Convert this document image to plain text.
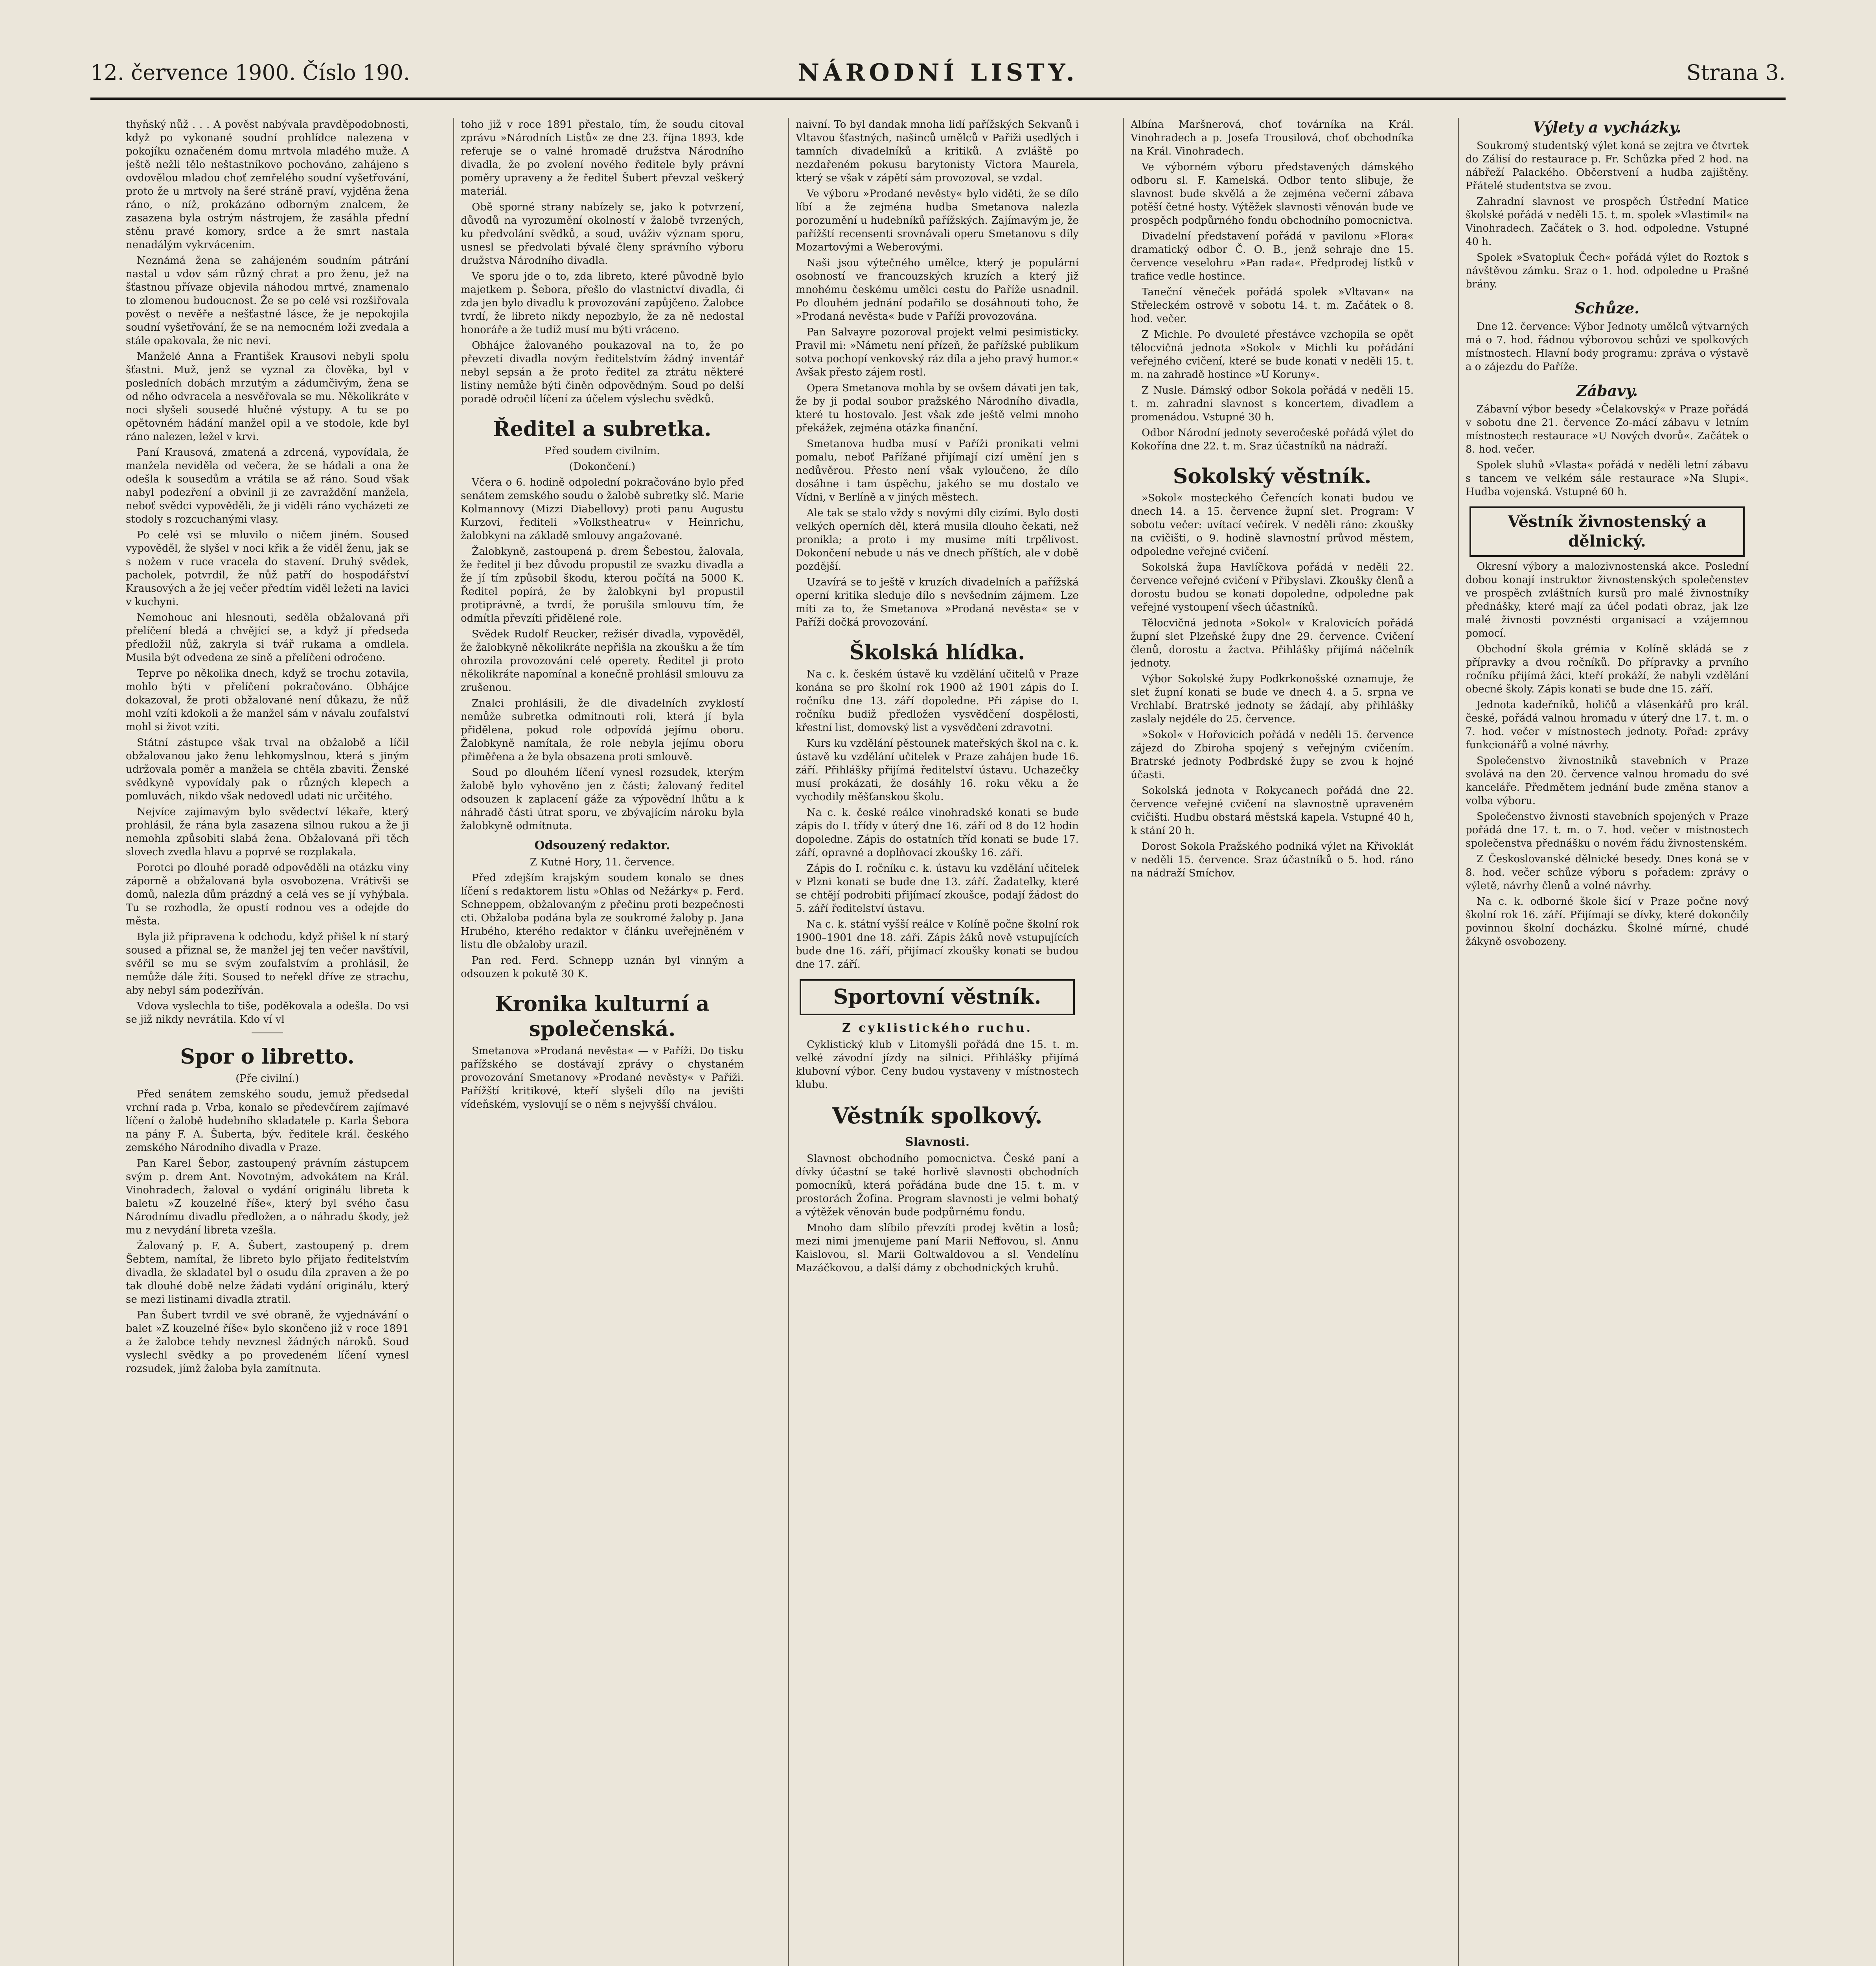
12. července 1900. Číslo 190.	NÁRODNÍ LISTY.	Strana 3.

thyňský nůž . . . A pověst nabývala pravděpodobnosti, když po vykonané soudní prohlídce nalezena v pokojíku označeném domu mrtvola mladého muže. A ještě nežli tělo neštastníkovo pochováno, zahájeno s ovdovělou mladou choť zemřelého soudní vyšetřování, proto že u mrtvoly na šeré stráně praví, vyjděna žena ráno, o níž, prokázáno odborným znalcem, že zasazena byla ostrým nástrojem, že zasáhla přední stěnu pravé komory, srdce a že smrt nastala nenadálým vykrvácením.

Neznámá žena se zahájeném soudním pátrání nastal u vdov sám různý chrat a pro ženu, jež na šťastnou přívaze objevila náhodou mrtvé, znamenalo to zlomenou budoucnost. Že se po celé vsi rozšiřovala pověst o nevěře a nešťastné lásce, že je nepokojila soudní vyšetřování, že se na nemocném loži zvedala a stále opakovala, že nic neví.

Manželé Anna a František Krausovi nebyli spolu šťastni. Muž, jenž se vyznal za člověka, byl v posledních dobách mrzutým a zádumčivým, žena se od něho odvracela a nesvěřovala se mu. Několikráte v noci slyšeli sousedé hlučné výstupy. A tu se po opětovném hádání manžel opil a ve stodole, kde byl ráno nalezen, ležel v krvi.

Paní Krausová, zmatená a zdrcená, vypovídala, že manžela neviděla od večera, že se hádali a ona že odešla k sousedům a vrátila se až ráno. Soud však nabyl podezření a obvinil ji ze zavraždění manžela, neboť svědci vypověděli, že ji viděli ráno vycházeti ze stodoly s rozcuchanými vlasy.

Po celé vsi se mluvilo o ničem jiném. Soused vypověděl, že slyšel v noci křik a že viděl ženu, jak se s nožem v ruce vracela do stavení. Druhý svědek, pacholek, potvrdil, že nůž patří do hospodářství Krausových a že jej večer předtím viděl ležeti na lavici v kuchyni.

Nemohouc ani hlesnouti, seděla obžalovaná při přelíčení bledá a chvějící se, a když jí předseda předložil nůž, zakryla si tvář rukama a omdlela. Musila být odvedena ze síně a přelíčení odročeno.

Teprve po několika dnech, když se trochu zotavila, mohlo býti v přelíčení pokračováno. Obhájce dokazoval, že proti obžalované není důkazu, že nůž mohl vzíti kdokoli a že manžel sám v návalu zoufalství mohl si život vzíti.

Státní zástupce však trval na obžalobě a líčil obžalovanou jako ženu lehkomyslnou, která s jiným udržovala poměr a manžela se chtěla zbaviti. Ženské svědkyně vypovídaly pak o různých klepech a pomluvách, nikdo však nedovedl udati nic určitého.

Nejvíce zajímavým bylo svědectví lékaře, který prohlásil, že rána byla zasazena silnou rukou a že ji nemohla způsobiti slabá žena. Obžalovaná při těch slovech zvedla hlavu a poprvé se rozplakala.

Porotci po dlouhé poradě odpověděli na otázku viny záporně a obžalovaná byla osvobozena. Vrátivši se domů, nalezla dům prázdný a celá ves se jí vyhýbala. Tu se rozhodla, že opustí rodnou ves a odejde do města.

Byla již připravena k odchodu, když přišel k ní starý soused a přiznal se, že manžel jej ten večer navštívil, svěřil se mu se svým zoufalstvím a prohlásil, že nemůže dále žíti. Soused to neřekl dříve ze strachu, aby nebyl sám podezříván.

Vdova vyslechla to tiše, poděkovala a odešla. Do vsi se již nikdy nevrátila. Kdo ví vl

Spor o libretto.
(Pře civilní.)

Před senátem zemského soudu, jemuž předsedal vrchní rada p. Vrba, konalo se předevčírem zajímavé líčení o žalobě hudebního skladatele p. Karla Šebora na pány F. A. Šuberta, býv. ředitele král. českého zemského Národního divadla v Praze.

Pan Karel Šebor, zastoupený právním zástupcem svým p. drem Ant. Novotným, advokátem na Král. Vinohradech, žaloval o vydání originálu libreta k baletu »Z kouzelné říše«, který byl svého času Národnímu divadlu předložen, a o náhradu škody, jež mu z nevydání libreta vzešla.

Žalovaný p. F. A. Šubert, zastoupený p. drem Šebtem, namítal, že libreto bylo přijato ředitelstvím divadla, že skladatel byl o osudu díla zpraven a že po tak dlouhé době nelze žádati vydání originálu, který se mezi listinami divadla ztratil.

Pan Šubert tvrdil ve své obraně, že vyjednávání o balet »Z kouzelné říše« bylo skončeno již v roce 1891 a že žalobce tehdy nevznesl žádných nároků. Soud vyslechl svědky a po provedeném líčení vynesl rozsudek, jímž žaloba byla zamítnuta.

toho již v roce 1891 přestalo, tím, že soudu citoval zprávu »Národních Listů« ze dne 23. října 1893, kde referuje se o valné hromadě družstva Národního divadla, že po zvolení nového ředitele byly právní poměry upraveny a že ředitel Šubert převzal veškerý materiál.

Obě sporné strany nabízely se, jako k potvrzení, důvodů na vyrozumění okolností v žalobě tvrzených, ku předvolání svědků, a soud, uváživ význam sporu, usnesl se předvolati bývalé členy správního výboru družstva Národního divadla.

Ve sporu jde o to, zda libreto, které původně bylo majetkem p. Šebora, přešlo do vlastnictví divadla, či zda jen bylo divadlu k provozování zapůjčeno. Žalobce tvrdí, že libreto nikdy nepozbylo, že za ně nedostal honoráře a že tudíž musí mu býti vráceno.

Obhájce žalovaného poukazoval na to, že po převzetí divadla novým ředitelstvím žádný inventář nebyl sepsán a že proto ředitel za ztrátu některé listiny nemůže býti činěn odpovědným. Soud po delší poradě odročil líčení za účelem výslechu svědků.

Ředitel a subretka.
Před soudem civilním.
(Dokončení.)

Včera o 6. hodině odpolední pokračováno bylo před senátem zemského soudu o žalobě subretky slč. Marie Kolmannovy (Mizzi Diabellovy) proti panu Augustu Kurzovi, řediteli »Volkstheatru« v Heinrichu, žalobkyni na základě smlouvy angažované.

Žalobkyně, zastoupená p. drem Šebestou, žalovala, že ředitel ji bez důvodu propustil ze svazku divadla a že jí tím způsobil škodu, kterou počítá na 5000 K. Ředitel popírá, že by žalobkyni byl propustil protiprávně, a tvrdí, že porušila smlouvu tím, že odmítla převzíti přidělené role.

Svědek Rudolf Reucker, režisér divadla, vypověděl, že žalobkyně několikráte nepřišla na zkoušku a že tím ohrozila provozování celé operety. Ředitel ji proto několikráte napomínal a konečně prohlásil smlouvu za zrušenou.

Znalci prohlásili, že dle divadelních zvyklostí nemůže subretka odmítnouti roli, která jí byla přidělena, pokud role odpovídá jejímu oboru. Žalobkyně namítala, že role nebyla jejímu oboru přiměřena a že byla obsazena proti smlouvě.

Soud po dlouhém líčení vynesl rozsudek, kterým žalobě bylo vyhověno jen z části; žalovaný ředitel odsouzen k zaplacení gáže za výpovědní lhůtu a k náhradě části útrat sporu, ve zbývajícím nároku byla žalobkyně odmítnuta.

Odsouzený redaktor.
Z Kutné Hory, 11. července.

Před zdejším krajským soudem konalo se dnes líčení s redaktorem listu »Ohlas od Nežárky« p. Ferd. Schneppem, obžalovaným z přečinu proti bezpečnosti cti. Obžaloba podána byla ze soukromé žaloby p. Jana Hrubého, kterého redaktor v článku uveřejněném v listu dle obžaloby urazil.

Pan red. Ferd. Schnepp uznán byl vinným a odsouzen k pokutě 30 K.

Kronika kulturní a společenská.

Smetanova »Prodaná nevěsta« — v Paříži. Do tisku pařížského se dostávají zprávy o chystaném provozování Smetanovy »Prodané nevěsty« v Paříži. Pařížští kritikové, kteří slyšeli dílo na jevišti vídeňském, vyslovují se o něm s nejvyšší chválou.

naivní. To byl dandak mnoha lidí pařížských Sekvanů i Vltavou šťastných, našinců umělců v Paříži usedlých i tamních divadelníků a kritiků. A zvláště po nezdařeném pokusu barytonisty Victora Maurela, který se však v zápětí sám provozoval, se vzdal.

Ve výboru »Prodané nevěsty« bylo viděti, že se dílo líbí a že zejména hudba Smetanova nalezla porozumění u hudebníků pařížských. Zajímavým je, že pařížští recensenti srovnávali operu Smetanovu s díly Mozartovými a Weberovými.

Naši jsou výtečného umělce, který je populární osobností ve francouzských kruzích a který již mnohému českému umělci cestu do Paříže usnadnil. Po dlouhém jednání podařilo se dosáhnouti toho, že »Prodaná nevěsta« bude v Paříži provozována.

Pan Salvayre pozoroval projekt velmi pesimisticky. Pravil mi: »Námetu není přízeň, že pařížské publikum sotva pochopí venkovský ráz díla a jeho pravý humor.« Avšak přesto zájem rostl.

Opera Smetanova mohla by se ovšem dávati jen tak, že by ji podal soubor pražského Národního divadla, které tu hostovalo. Jest však zde ještě velmi mnoho překážek, zejména otázka finanční.

Smetanova hudba musí v Paříži pronikati velmi pomalu, neboť Pařížané přijímají cizí umění jen s nedůvěrou. Přesto není však vyloučeno, že dílo dosáhne i tam úspěchu, jakého se mu dostalo ve Vídni, v Berlíně a v jiných městech.

Ale tak se stalo vždy s novými díly cizími. Bylo dosti velkých operních děl, která musila dlouho čekati, než pronikla; a proto i my musíme míti trpělivost. Dokončení nebude u nás ve dnech příštích, ale v době pozdější.

Uzavírá se to ještě v kruzích divadelních a pařížská operní kritika sleduje dílo s nevšedním zájmem. Lze míti za to, že Smetanova »Prodaná nevěsta« se v Paříži dočká provozování.

Školská hlídka.

Na c. k. českém ústavě ku vzdělání učitelů v Praze konána se pro školní rok 1900 až 1901 zápis do I. ročníku dne 13. září dopoledne. Při zápise do I. ročníku budiž předložen vysvědčení dospělosti, křestní list, domovský list a vysvědčení zdravotní.

Kurs ku vzdělání pěstounek mateřských škol na c. k. ústavě ku vzdělání učitelek v Praze zahájen bude 16. září. Přihlášky přijímá ředitelství ústavu. Uchazečky musí prokázati, že dosáhly 16. roku věku a že vychodily měšťanskou školu.

Na c. k. české reálce vinohradské konati se bude zápis do I. třídy v úterý dne 16. září od 8 do 12 hodin dopoledne. Zápis do ostatních tříd konati se bude 17. září, opravné a doplňovací zkoušky 16. září.

Zápis do I. ročníku c. k. ústavu ku vzdělání učitelek v Plzni konati se bude dne 13. září. Žadatelky, které se chtějí podrobiti přijímací zkoušce, podají žádost do 5. září ředitelství ústavu.

Na c. k. státní vyšší reálce v Kolíně počne školní rok 1900–1901 dne 18. září. Zápis žáků nově vstupujících bude dne 16. září, přijímací zkoušky konati se budou dne 17. září.

Sportovní věstník.
Z cyklistického ruchu.

Cyklistický klub v Litomyšli pořádá dne 15. t. m. velké závodní jízdy na silnici. Přihlášky přijímá klubovní výbor. Ceny budou vystaveny v místnostech klubu.

Věstník spolkový.
Slavnosti.

Slavnost obchodního pomocnictva. České paní a dívky účastní se také horlivě slavnosti obchodních pomocníků, která pořádána bude dne 15. t. m. v prostorách Žofína. Program slavnosti je velmi bohatý a výtěžek věnován bude podpůrnému fondu.

Mnoho dam slíbilo převzíti prodej květin a losů; mezi nimi jmenujeme paní Marii Neffovou, sl. Annu Kaislovou, sl. Marii Goltwaldovou a sl. Vendelínu Mazáčkovou, a další dámy z obchodnických kruhů.

Albína Maršnerová, choť továrníka na Král. Vinohradech a p. Josefa Trousilová, choť obchodníka na Král. Vinohradech.

Ve výborném výboru představených dámského odboru sl. F. Kamelská. Odbor tento slibuje, že slavnost bude skvělá a že zejména večerní zábava potěší četné hosty. Výtěžek slavnosti věnován bude ve prospěch podpůrného fondu obchodního pomocnictva.

Divadelní představení pořádá v pavilonu »Flora« dramatický odbor Č. O. B., jenž sehraje dne 15. července veselohru »Pan rada«. Předprodej lístků v trafice vedle hostince.

Taneční věneček pořádá spolek »Vltavan« na Střeleckém ostrově v sobotu 14. t. m. Začátek o 8. hod. večer.

Z Michle. Po dvouleté přestávce vzchopila se opět tělocvičná jednota »Sokol« v Michli ku pořádání veřejného cvičení, které se bude konati v neděli 15. t. m. na zahradě hostince »U Koruny«.

Z Nusle. Dámský odbor Sokola pořádá v neděli 15. t. m. zahradní slavnost s koncertem, divadlem a promenádou. Vstupné 30 h.

Odbor Národní jednoty severočeské pořádá výlet do Kokořína dne 22. t. m. Sraz účastníků na nádraží.

Sokolský věstník.

»Sokol« mosteckého Čeřencích konati budou ve dnech 14. a 15. července župní slet. Program: V sobotu večer: uvítací večírek. V neděli ráno: zkoušky na cvičišti, o 9. hodině slavnostní průvod městem, odpoledne veřejné cvičení.

Sokolská župa Havlíčkova pořádá v neděli 22. července veřejné cvičení v Přibyslavi. Zkoušky členů a dorostu budou se konati dopoledne, odpoledne pak veřejné vystoupení všech účastníků.

Tělocvičná jednota »Sokol« v Kralovicích pořádá župní slet Plzeňské župy dne 29. července. Cvičení členů, dorostu a žactva. Přihlášky přijímá náčelník jednoty.

Výbor Sokolské župy Podkrkonošské oznamuje, že slet župní konati se bude ve dnech 4. a 5. srpna ve Vrchlabí. Bratrské jednoty se žádají, aby přihlášky zaslaly nejdéle do 25. července.

»Sokol« v Hořovicích pořádá v neděli 15. července zájezd do Zbiroha spojený s veřejným cvičením. Bratrské jednoty Podbrdské župy se zvou k hojné účasti.

Sokolská jednota v Rokycanech pořádá dne 22. července veřejné cvičení na slavnostně upraveném cvičišti. Hudbu obstará městská kapela. Vstupné 40 h, k stání 20 h.

Dorost Sokola Pražského podniká výlet na Křivoklát v neděli 15. července. Sraz účastníků o 5. hod. ráno na nádraží Smíchov.

Výlety a vycházky.

Soukromý studentský výlet koná se zejtra ve čtvrtek do Zálisí do restaurace p. Fr. Schůzka před 2 hod. na nábřeží Palackého. Občerstvení a hudba zajištěny. Přátelé studentstva se zvou.

Zahradní slavnost ve prospěch Ústřední Matice školské pořádá v neděli 15. t. m. spolek »Vlastimil« na Vinohradech. Začátek o 3. hod. odpoledne. Vstupné 40 h.

Spolek »Svatopluk Čech« pořádá výlet do Roztok s návštěvou zámku. Sraz o 1. hod. odpoledne u Prašné brány.

Schůze.

Dne 12. července: Výbor Jednoty umělců výtvarných má o 7. hod. řádnou výborovou schůzi ve spolkových místnostech. Hlavní body programu: zpráva o výstavě a o zájezdu do Paříže.

Zábavy.

Zábavní výbor besedy »Čelakovský« v Praze pořádá v sobotu dne 21. července Zo-mácí zábavu v letním místnostech restaurace »U Nových dvorů«. Začátek o 8. hod. večer.

Spolek sluhů »Vlasta« pořádá v neděli letní zábavu s tancem ve velkém sále restaurace »Na Slupi«. Hudba vojenská. Vstupné 60 h.

Věstník živnostenský a dělnický.

Okresní výbory a malozivnostenská akce. Poslední dobou konají instruktor živnostenských společenstev ve prospěch zvláštních kursů pro malé živnostníky přednášky, které mají za účel podati obraz, jak lze malé živnosti povznésti organisací a vzájemnou pomocí.

Obchodní škola grémia v Kolíně skládá se z přípravky a dvou ročníků. Do přípravky a prvního ročníku přijímá žáci, kteří prokáží, že nabyli vzdělání obecné školy. Zápis konati se bude dne 15. září.

Jednota kadeřníků, holičů a vlásenkářů pro král. české, pořádá valnou hromadu v úterý dne 17. t. m. o 7. hod. večer v místnostech jednoty. Pořad: zprávy funkcionářů a volné návrhy.

Společenstvo živnostníků stavebních v Praze svolává na den 20. července valnou hromadu do své kanceláře. Předmětem jednání bude změna stanov a volba výboru.

Společenstvo živnosti stavebních spojených v Praze pořádá dne 17. t. m. o 7. hod. večer v místnostech společenstva přednášku o novém řádu živnostenském.

Z Českoslovanské dělnické besedy. Dnes koná se v 8. hod. večer schůze výboru s pořadem: zprávy o výletě, návrhy členů a volné návrhy.

Na c. k. odborné škole šicí v Praze počne nový školní rok 16. září. Přijímají se dívky, které dokončily povinnou školní docházku. Školné mírné, chudé žákyně osvobozeny.
